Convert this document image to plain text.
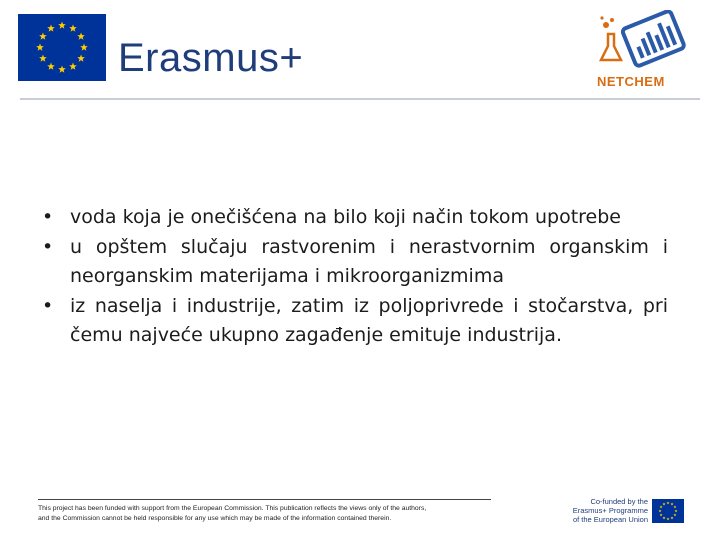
Erasmus+
NETCHEM
• voda koja je onečišćena na bilo koji način tokom upotrebe
• u opštem slučaju rastvorenim i nerastvornim organskim i neorganskim materijama i mikroorganizmima
• iz naselja i industrije, zatim iz poljoprivrede i stočarstva, pri čemu najveće ukupno zagađenje emituje industrija.
This project has been funded with support from the European Commission. This publication reflects the views only of the authors,
and the Commission cannot be held responsible for any use which may be made of the information contained therein.
Co-funded by the
Erasmus+ Programme
of the European Union
